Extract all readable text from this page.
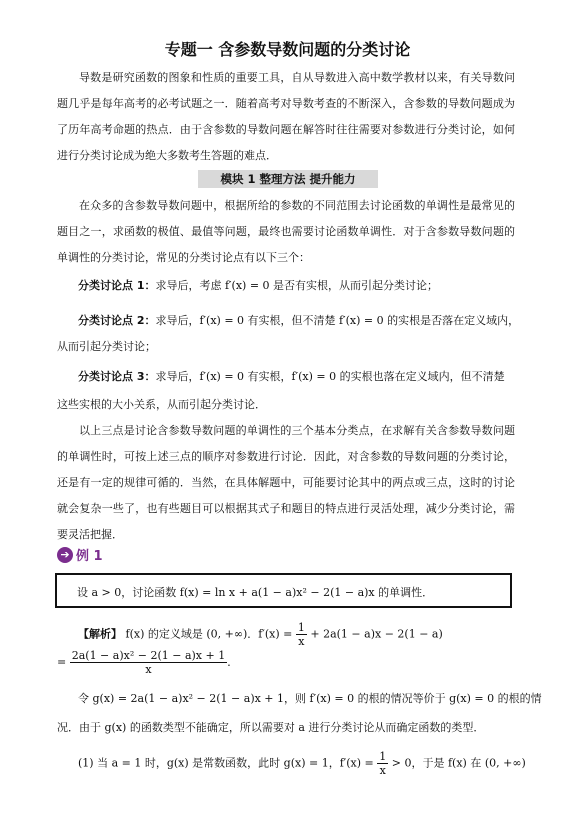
专题一 含参数导数问题的分类讨论
导数是研究函数的图象和性质的重要工具，自从导数进入高中数学教材以来，有关导数问题几乎是每年高考的必考试题之一．随着高考对导数考查的不断深入，含参数的导数问题成为了历年高考命题的热点．由于含参数的导数问题在解答时往往需要对参数进行分类讨论，如何进行分类讨论成为绝大多数考生答题的难点．
模块 1 整理方法 提升能力
在众多的含参数导数问题中，根据所给的参数的不同范围去讨论函数的单调性是最常见的题目之一，求函数的极值、最值等问题，最终也需要讨论函数单调性．对于含参数导数问题的单调性的分类讨论，常见的分类讨论点有以下三个：
分类讨论点 1：求导后，考虑 f′(x) = 0 是否有实根，从而引起分类讨论；
分类讨论点 2：求导后，f′(x) = 0 有实根，但不清楚 f′(x) = 0 的实根是否落在定义域内，
从而引起分类讨论；
分类讨论点 3：求导后，f′(x) = 0 有实根，f′(x) = 0 的实根也落在定义域内，但不清楚
这些实根的大小关系，从而引起分类讨论．
以上三点是讨论含参数导数问题的单调性的三个基本分类点，在求解有关含参数导数问题的单调性时，可按上述三点的顺序对参数进行讨论．因此，对含参数的导数问题的分类讨论，还是有一定的规律可循的．当然，在具体解题中，可能要讨论其中的两点或三点，这时的讨论就会复杂一些了，也有些题目可以根据其式子和题目的特点进行灵活处理，减少分类讨论，需要灵活把握．
➔ 例 1
设 a > 0，讨论函数 f(x) = ln x + a(1 − a)x² − 2(1 − a)x 的单调性．
【解析】 f(x) 的定义域是 (0, +∞)．$f'(x) = \frac{1}{x} + 2a(1 - a)x - 2(1 - a)$
= $\frac{\text{2a(1 − a)x² − 2(1 − a)x + 1}}{x}$ ．
令 g(x) = 2a(1 − a)x² − 2(1 − a)x + 1，则 f′(x) = 0 的根的情况等价于 g(x) = 0 的根的情
况．由于 g(x) 的函数类型不能确定，所以需要对 a 进行分类讨论从而确定函数的类型．
(1) 当 a = 1 时，g(x) 是常数函数，此时 g(x) = 1，$f'(x) = \frac{1}{x} > 0$，于是 f(x) 在 (0, +∞)
